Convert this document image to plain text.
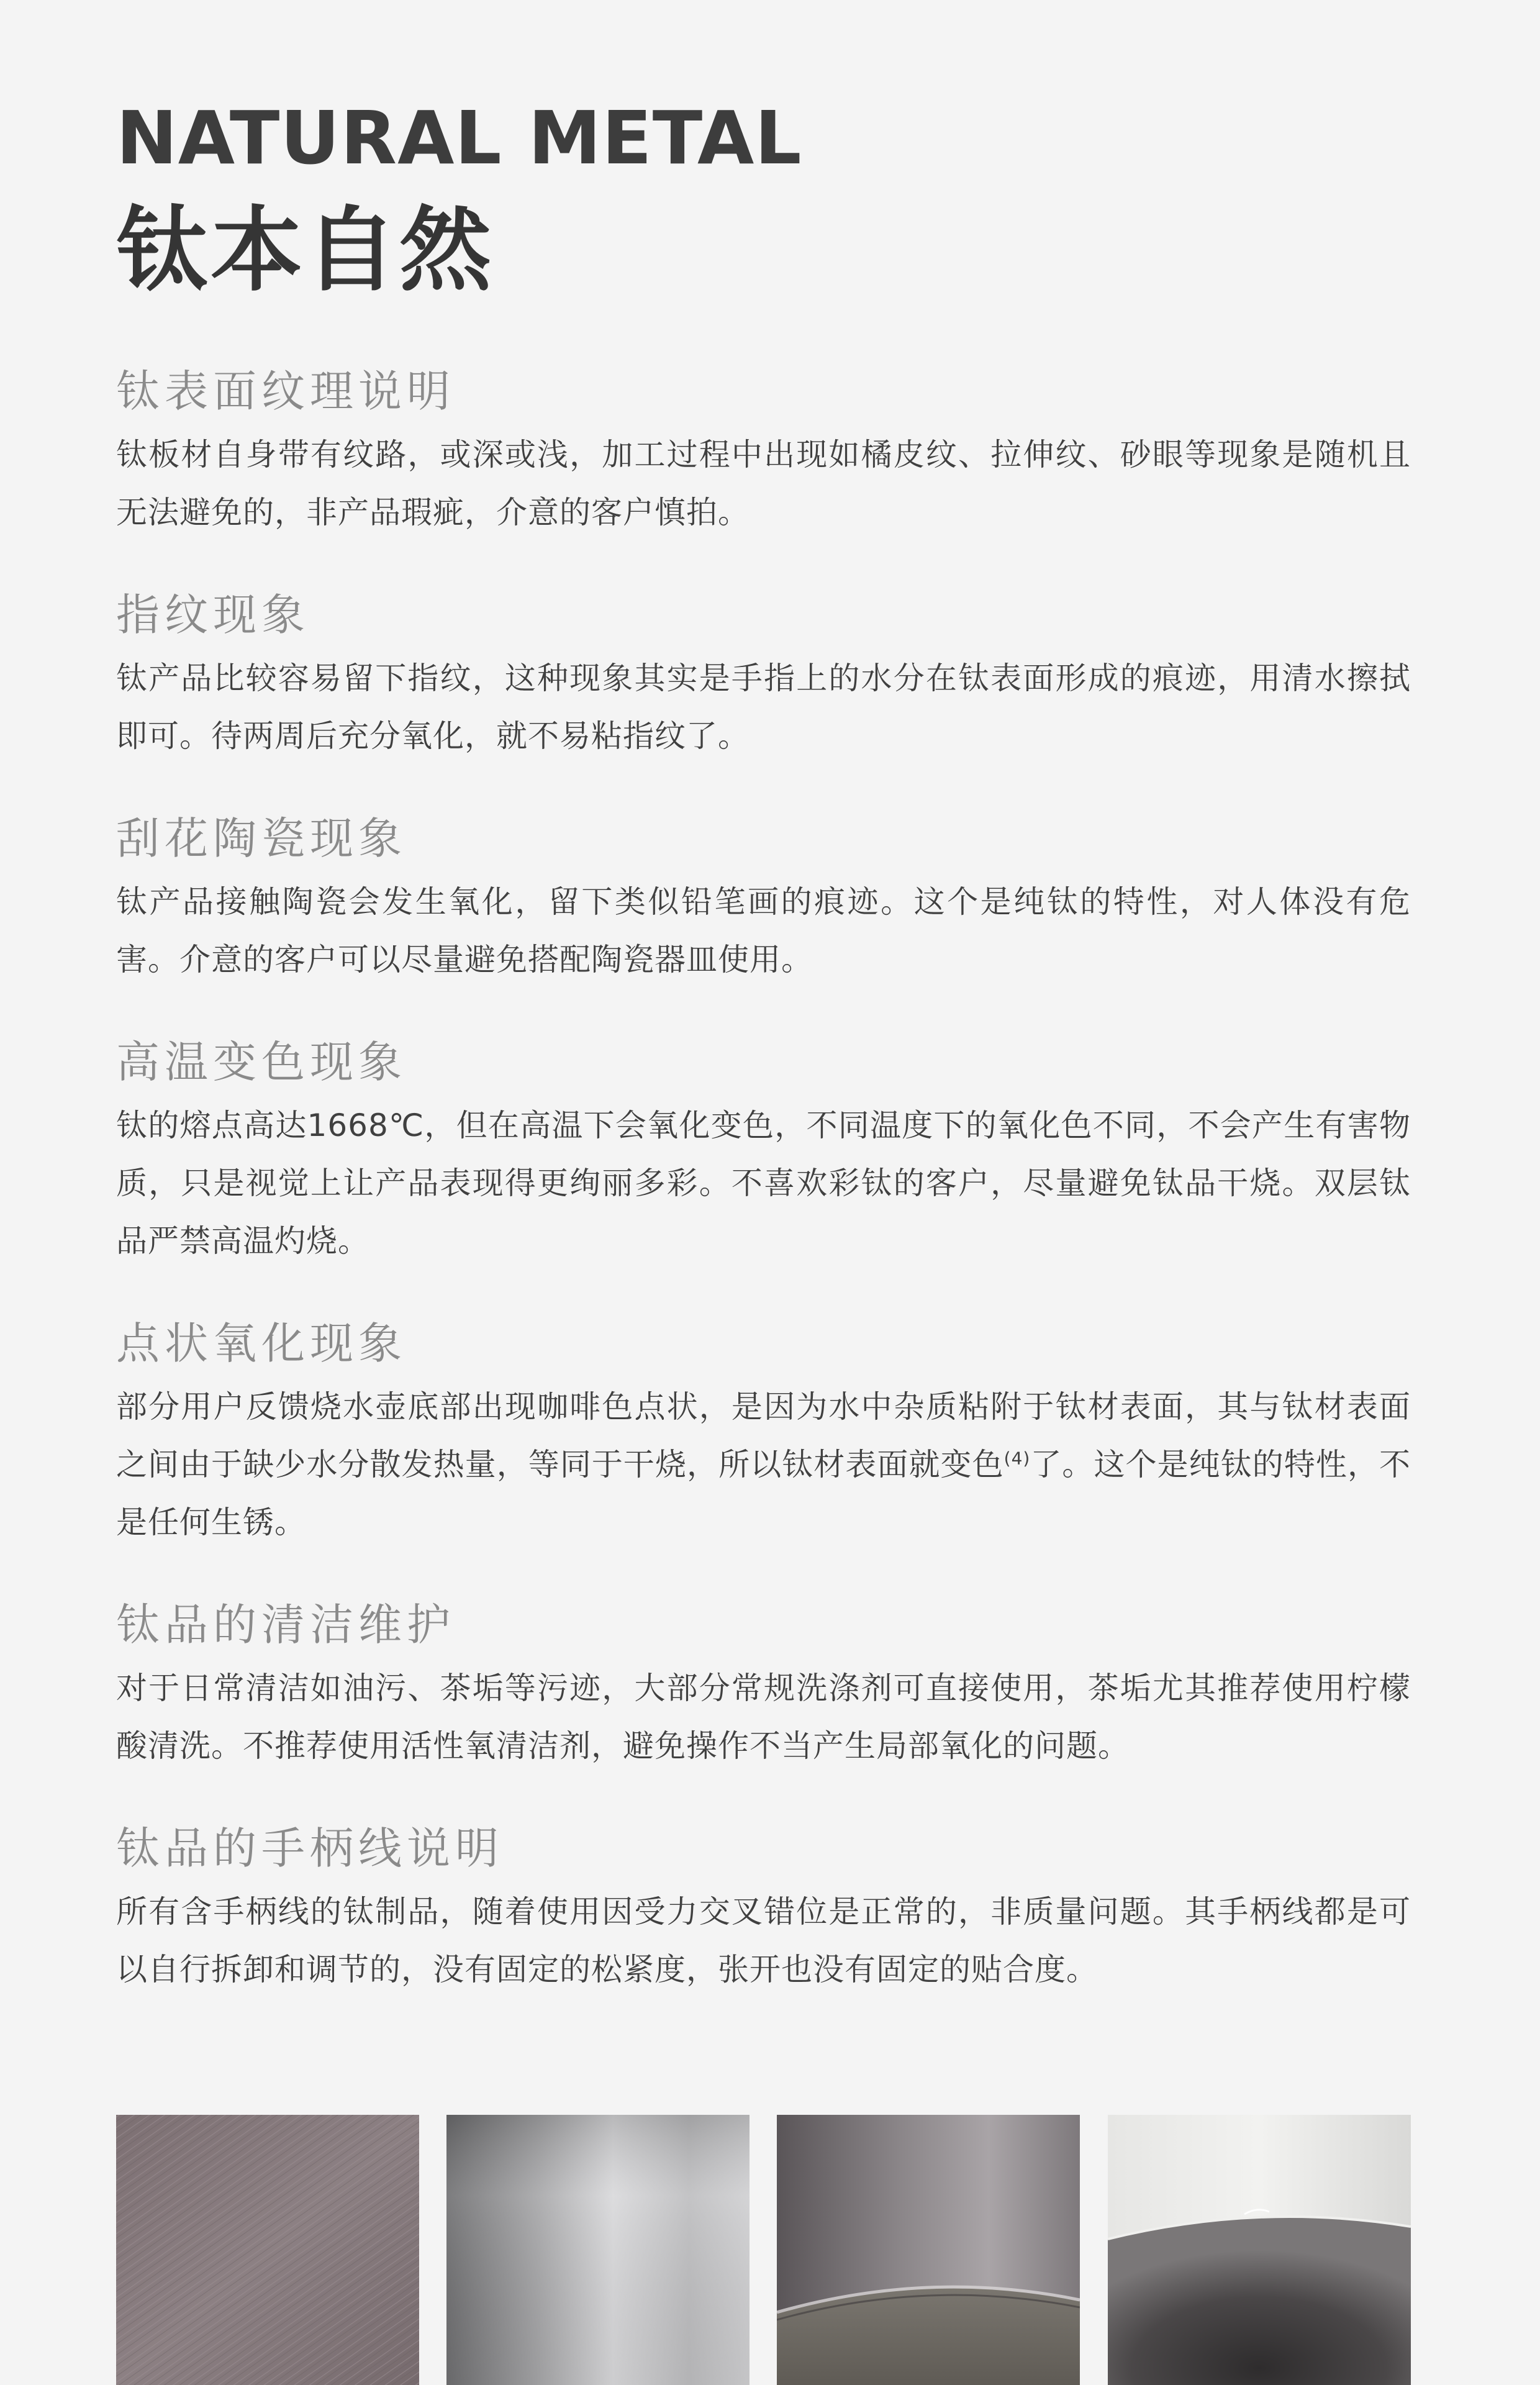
NATURAL METAL
钛本自然
钛表面纹理说明

钛板材自身带有纹路，或深或浅，加工过程中出现如橘皮纹、拉伸纹、砂眼等现象是随机且无法避免的，非产品瑕疵，介意的客户慎拍。

指纹现象

钛产品比较容易留下指纹，这种现象其实是手指上的水分在钛表面形成的痕迹，用清水擦拭即可。待两周后充分氧化，就不易粘指纹了。

刮花陶瓷现象

钛产品接触陶瓷会发生氧化，留下类似铅笔画的痕迹。这个是纯钛的特性，对人体没有危害。介意的客户可以尽量避免搭配陶瓷器皿使用。

高温变色现象

钛的熔点高达1668℃，但在高温下会氧化变色，不同温度下的氧化色不同，不会产生有害物质，只是视觉上让产品表现得更绚丽多彩。不喜欢彩钛的客户，尽量避免钛品干烧。双层钛品严禁高温灼烧。

点状氧化现象

部分用户反馈烧水壶底部出现咖啡色点状，是因为水中杂质粘附于钛材表面，其与钛材表面之间由于缺少水分散发热量，等同于干烧，所以钛材表面就变色$^{(4)}$了。这个是纯钛的特性，不是任何生锈。

钛品的清洁维护

对于日常清洁如油污、茶垢等污迹，大部分常规洗涤剂可直接使用，茶垢尤其推荐使用柠檬酸清洗。不推荐使用活性氧清洁剂，避免操作不当产生局部氧化的问题。

钛品的手柄线说明

所有含手柄线的钛制品，随着使用因受力交叉错位是正常的，非质量问题。其手柄线都是可以自行拆卸和调节的，没有固定的松紧度，张开也没有固定的贴合度。
